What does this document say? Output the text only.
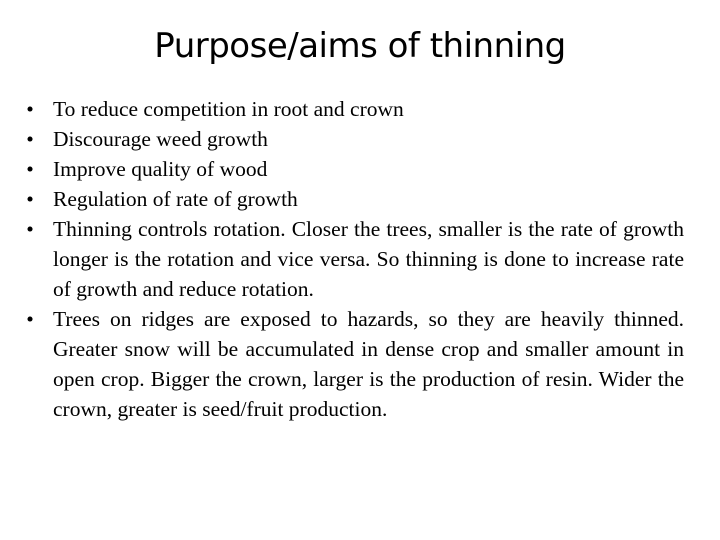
Purpose/aims of thinning
• To reduce competition in root and crown
• Discourage weed growth
• Improve quality of wood
• Regulation of rate of growth
• Thinning controls rotation. Closer the trees, smaller is the rate of growth longer is the rotation and vice versa. So thinning is done to increase rate of growth and reduce rotation.
• Trees on ridges are exposed to hazards, so they are heavily thinned. Greater snow will be accumulated in dense crop and smaller amount in open crop. Bigger the crown, larger is the production of resin. Wider the crown, greater is seed/fruit production.
